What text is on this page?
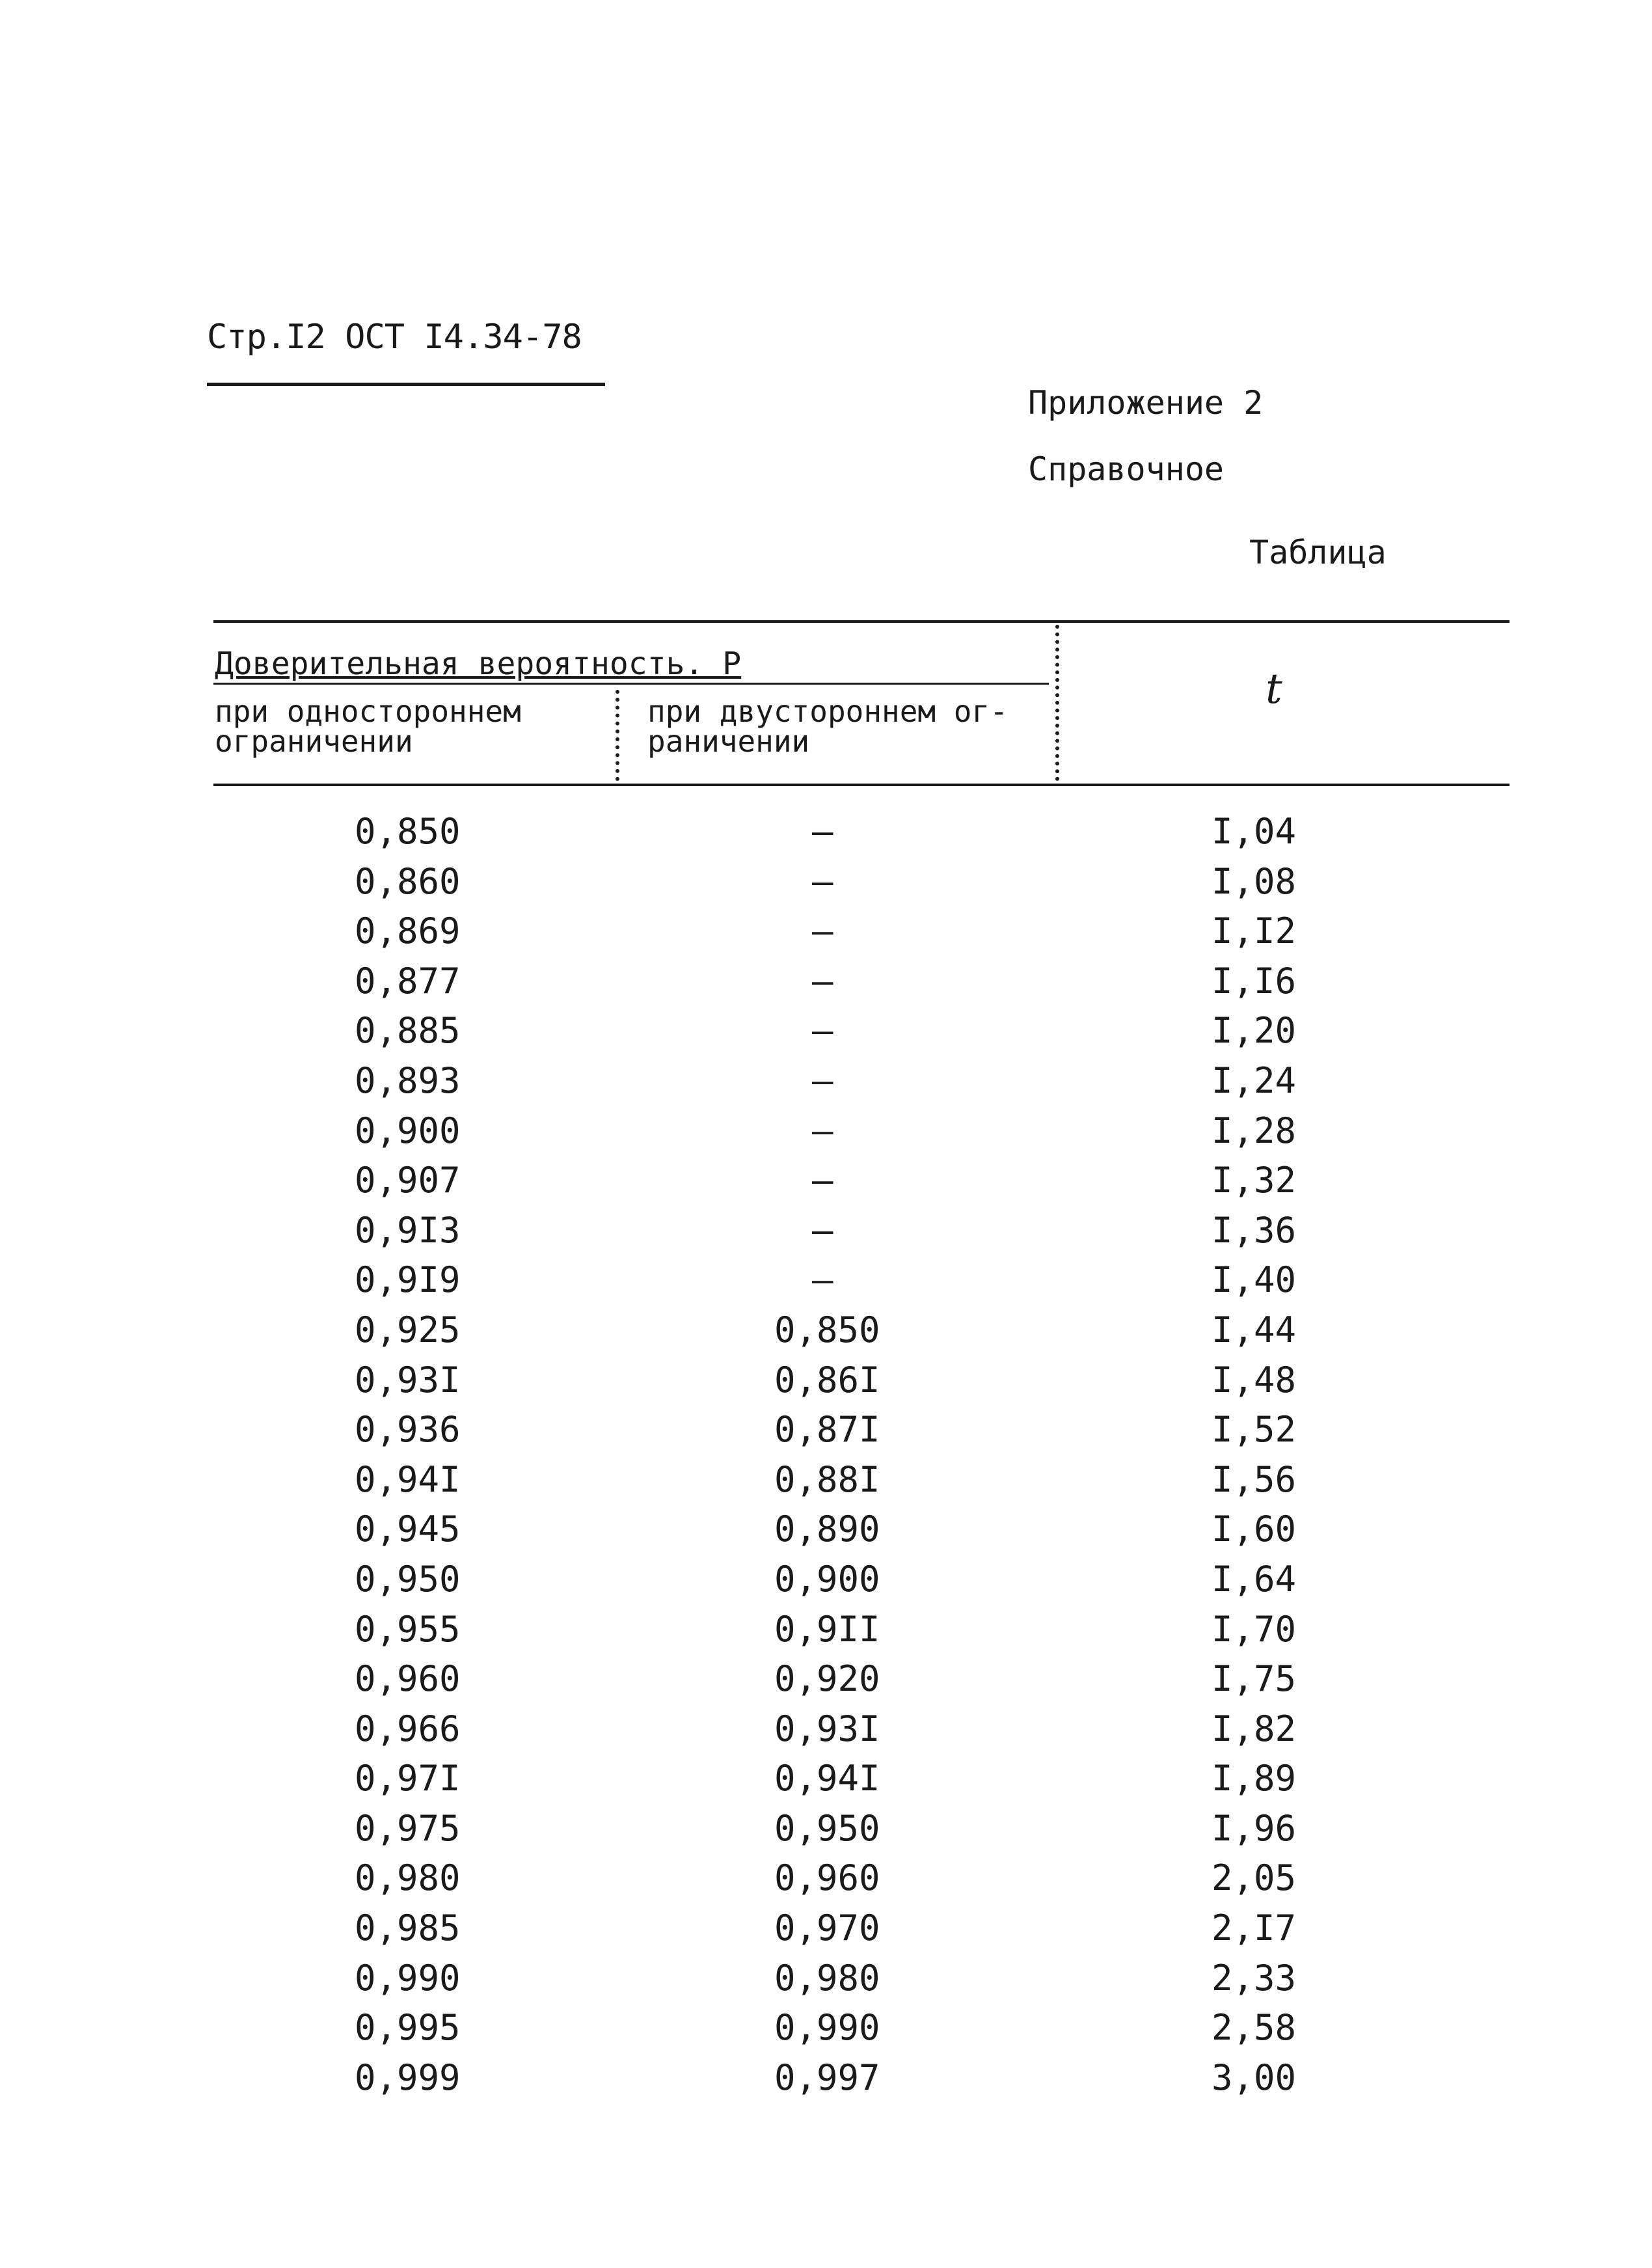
Стр.I2 ОСТ I4.34-78
Приложение 2
Справочное
Таблица
Доверительная вероятность. P
t
при одностороннем ограничении
при двустороннем ог-раничении
0,850	–	I,04
0,860	–	I,08
0,869	–	I,I2
0,877	–	I,I6
0,885	–	I,20
0,893	–	I,24
0,900	–	I,28
0,907	–	I,32
0,9I3	–	I,36
0,9I9	–	I,40
0,925	0,850	I,44
0,93I	0,86I	I,48
0,936	0,87I	I,52
0,94I	0,88I	I,56
0,945	0,890	I,60
0,950	0,900	I,64
0,955	0,9II	I,70
0,960	0,920	I,75
0,966	0,93I	I,82
0,97I	0,94I	I,89
0,975	0,950	I,96
0,980	0,960	2,05
0,985	0,970	2,I7
0,990	0,980	2,33
0,995	0,990	2,58
0,999	0,997	3,00
